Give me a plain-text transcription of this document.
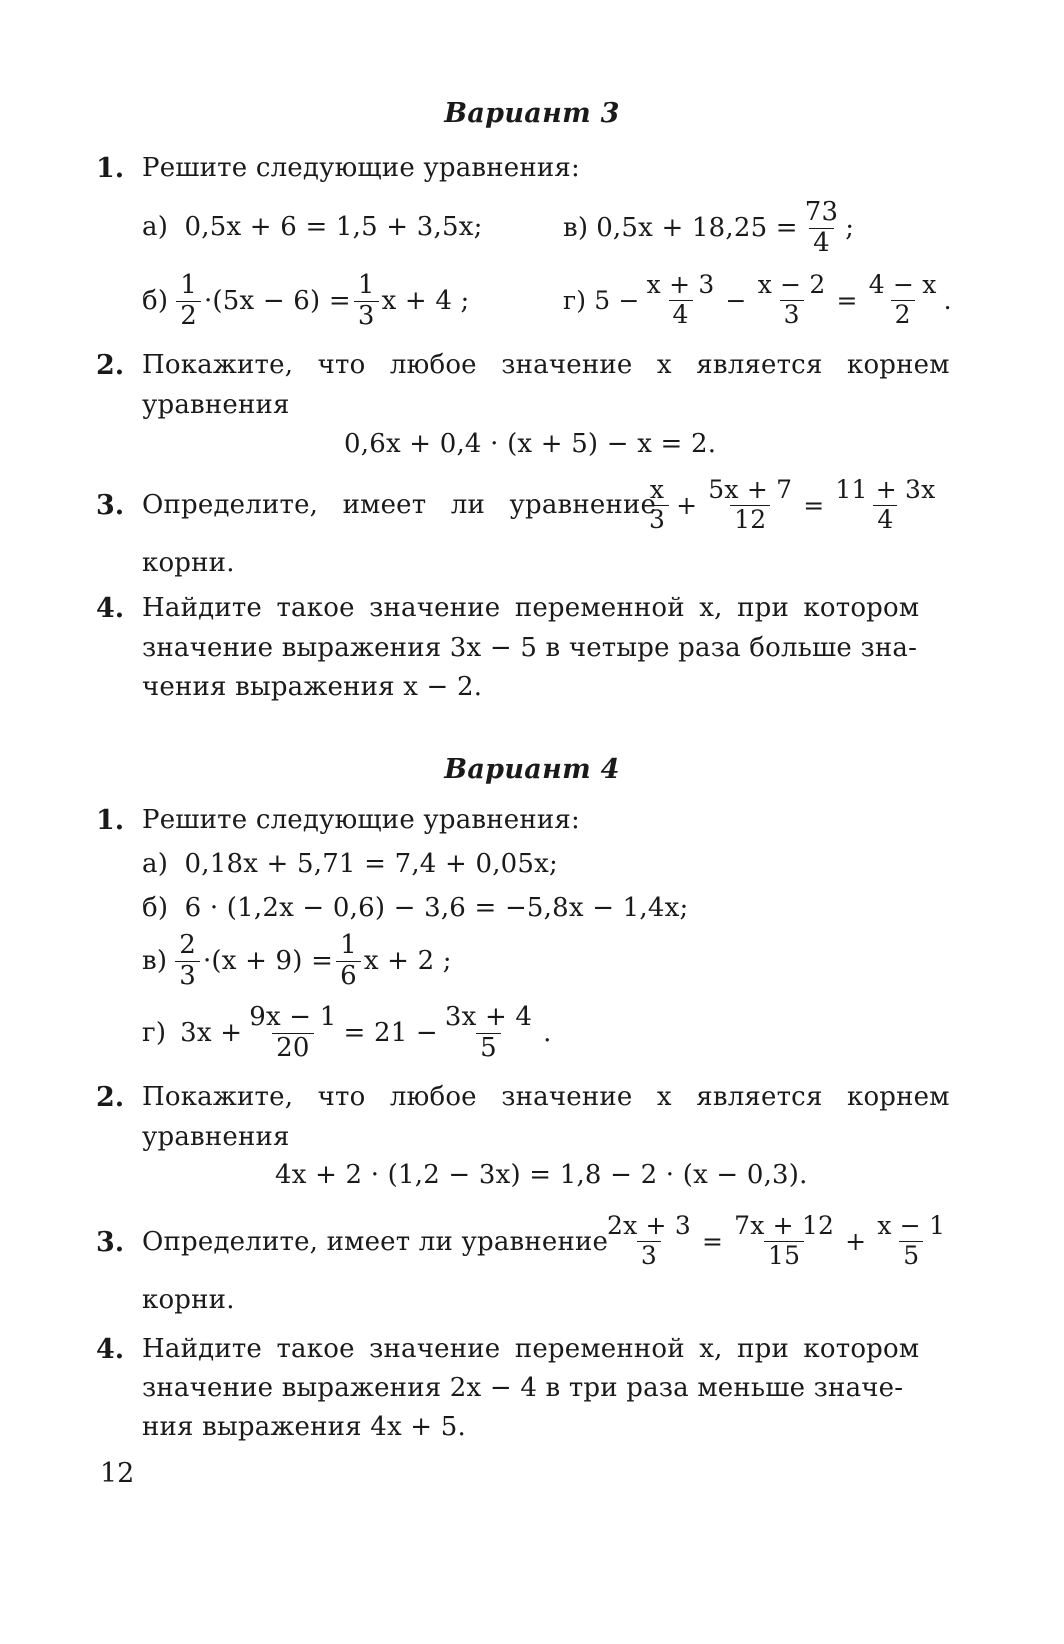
Вариант 3
1. Решите следующие уравнения:
а) 0,5x + 6 = 1,5 + 3,5x;	в) $0,5x + 18,25 = \frac{73}{4}$ ;
$б) \frac{1}{2} \cdot(5x - 6) = \frac{1}{3}$ x + 4 ;	г) $5 - \frac{x + 3}{4} - \frac{x - 2}{3} = \frac{4 - x}{2}$ .
2. Покажите, что любое значение x является корнем
уравнения
0,6x + 0,4 · (x + 5) − x = 2.
3. Определите, имеет ли уравнение
$\frac{x}{3} + \frac{5x + 7}{12} = \frac{11 + 3x}{4}$
корни.
4. Найдите такое значение переменной x, при котором
значение выражения 3x − 5 в четыре раза больше зна-
чения выражения x − 2.
Вариант 4
1. Решите следующие уравнения:
а) 0,18x + 5,71 = 7,4 + 0,05x;
б) 6 · (1,2x − 0,6) − 3,6 = −5,8x − 1,4x;
$в) \frac{2}{3} \cdot(x + 9) = \frac{1}{6}$ x + 2 ;
г) $3x + \frac{9x - 1}{20} = 21 - \frac{3x + 4}{5}$ .
2. Покажите, что любое значение x является корнем
уравнения
4x + 2 · (1,2 − 3x) = 1,8 − 2 · (x − 0,3).
3. Определите, имеет ли уравнение
$\frac{2x + 3}{3} = \frac{7x + 12}{15} + \frac{x - 1}{5}$
корни.
4. Найдите такое значение переменной x, при котором
значение выражения 2x − 4 в три раза меньше значе-
ния выражения 4x + 5.
12
